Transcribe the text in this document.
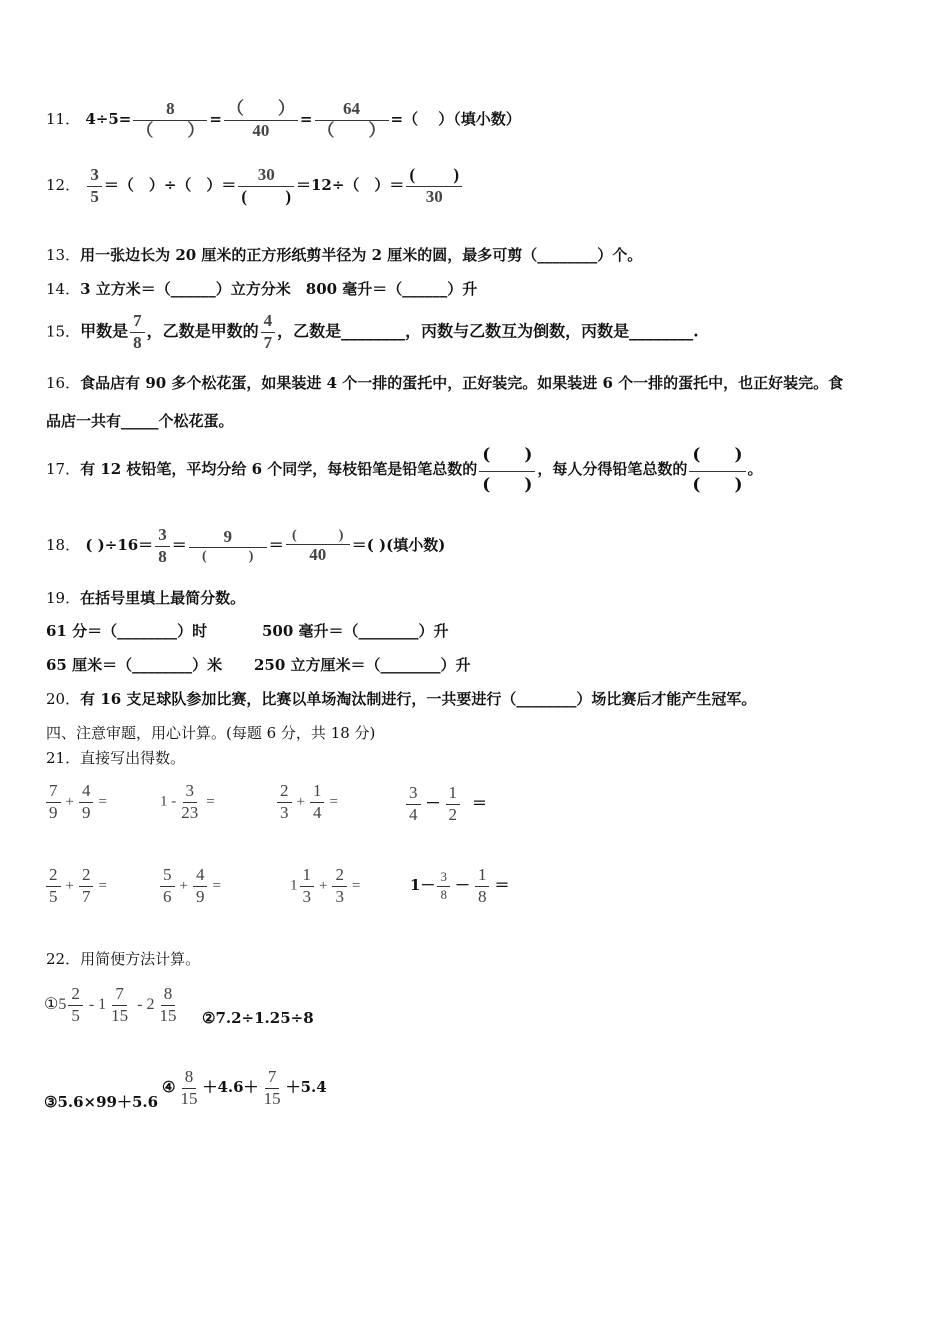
11． $4\div 5= \frac{8}{( )} = \frac{( )}{40} = \frac{64}{( )}$ =（　 ）（填小数）
12． $\frac{3}{5}$ ＝（　）÷（　）＝ $\frac{30}{( )} =12\div$（　）＝ $\frac{( )}{30}$
13．用一张边长为 20 厘米的正方形纸剪半径为 2 厘米的圆，最多可剪（________）个。
14．3 立方米＝（______）立方分米　800 毫升＝（______）升
15．甲数是 $\frac{7}{8}$ ，乙数是甲数的 $\frac{4}{7}$ ，乙数是________，丙数与乙数互为倒数，丙数是________.
16．食品店有 90 多个松花蛋，如果装进 4 个一排的蛋托中，正好装完。如果装进 6 个一排的蛋托中，也正好装完。食
品店一共有_____个松花蛋。
17．有 12 枝铅笔，平均分给 6 个同学，每枝铅笔是铅笔总数的 $\frac{( )}{( )}$ ，每人分得铅笔总数的 $\frac{( )}{( )}$ 。
18． ( )$\div 16= \frac{3}{8} = \frac{9}{( )} = \frac{( )}{40}$ ＝( )(填小数)
19．在括号里填上最简分数。
61 分＝（________）时	500 毫升＝（________）升
65 厘米＝（________）米 250 立方厘米＝（________）升
20．有 16 支足球队参加比赛，比赛以单场淘汰制进行，一共要进行（________）场比赛后才能产生冠军。
四、注意审题，用心计算。(每题 6 分，共 18 分)
21．直接写出得数。
$\frac{7}{9} + \frac{4}{9}$ =	$1 - \frac{3}{23}$ =	$\frac{2}{3} + \frac{1}{4}$ =	$\frac{3}{4} - \frac{1}{2}$ ＝
$\frac{2}{5} + \frac{2}{7}$ =	$\frac{5}{6} + \frac{4}{9}$ =	$1 \frac{1}{3} + \frac{2}{3}$ =	$1- \frac{3}{8} - \frac{1}{8}$ ＝
22．用简便方法计算。
①5 $\frac{2}{5} - 1 \frac{7}{15} - 2 \frac{8}{15}$ ②7.2÷1.25÷8
③5.6×99＋5.6
④ $\frac{8}{15} +4.6+ \frac{7}{15} +5.4$
